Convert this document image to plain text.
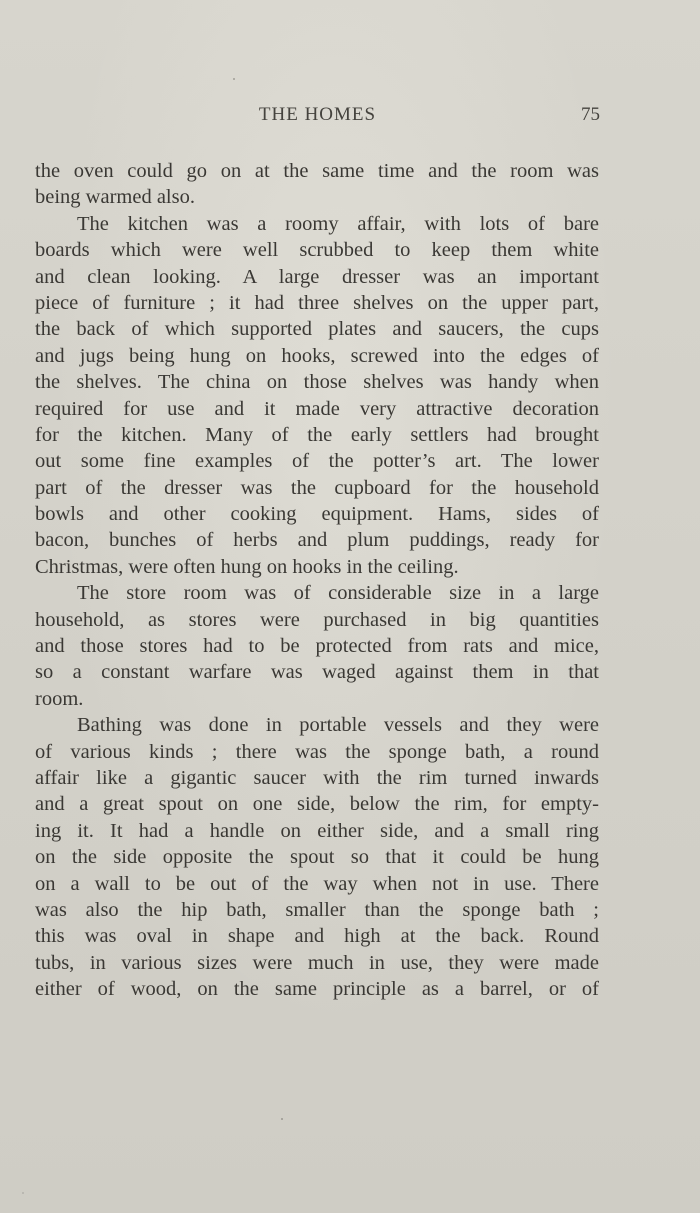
THE HOMES	75
the oven could go on at the same time and the room was
being warmed also.
The kitchen was a roomy affair, with lots of bare
boards which were well scrubbed to keep them white
and clean looking. A large dresser was an important
piece of furniture ; it had three shelves on the upper part,
the back of which supported plates and saucers, the cups
and jugs being hung on hooks, screwed into the edges of
the shelves. The china on those shelves was handy when
required for use and it made very attractive decoration
for the kitchen. Many of the early settlers had brought
out some fine examples of the potter’s art. The lower
part of the dresser was the cupboard for the household
bowls and other cooking equipment. Hams, sides of
bacon, bunches of herbs and plum puddings, ready for
Christmas, were often hung on hooks in the ceiling.
The store room was of considerable size in a large
household, as stores were purchased in big quantities
and those stores had to be protected from rats and mice,
so a constant warfare was waged against them in that
room.
Bathing was done in portable vessels and they were
of various kinds ; there was the sponge bath, a round
affair like a gigantic saucer with the rim turned inwards
and a great spout on one side, below the rim, for empty-
ing it. It had a handle on either side, and a small ring
on the side opposite the spout so that it could be hung
on a wall to be out of the way when not in use. There
was also the hip bath, smaller than the sponge bath ;
this was oval in shape and high at the back. Round
tubs, in various sizes were much in use, they were made
either of wood, on the same principle as a barrel, or of
